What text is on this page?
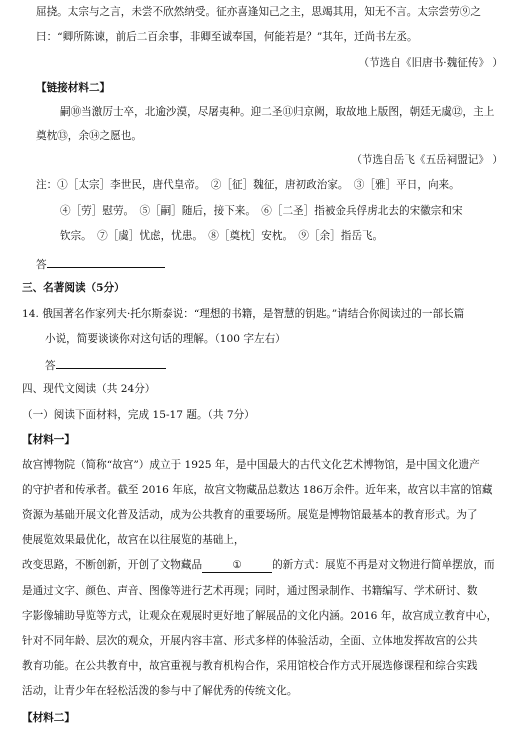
屈挠。太宗与之言，未尝不欣然纳受。征亦喜逢知己之主，思竭其用，知无不言。太宗尝劳⑨之
曰：“卿所陈谏，前后二百余事，非卿至诚奉国，何能若是？”其年，迁尚书左丞。
（节选自《旧唐书·魏征传》 ）
【链接材料二】
嗣⑩当激厉士卒，北逾沙漠，尽屠夷种。迎二圣⑪归京阙，取故地上版图，朝廷无虞⑫，主上
奠枕⑬，余⑭之愿也。
（节选自岳飞《五岳祠盟记》 ）
注：①［太宗］李世民，唐代皇帝。　②［征］魏征，唐初政治家。　③［雅］平日，向来。
④［劳］慰劳。　⑤［嗣］随后，接下来。　⑥［二圣］指被金兵俘虏北去的宋徽宗和宋
钦宗。　⑦［虞］忧虑，忧患。　⑧［奠枕］安枕。　⑨［余］指岳飞。
答
三、名著阅读（5分）
14. 俄国著名作家列夫·托尔斯泰说：“理想的书籍，是智慧的钥匙。”请结合你阅读过的一部长篇
小说，简要谈谈你对这句话的理解。（100 字左右）
答
四、现代文阅读（共 24分）
（一）阅读下面材料，完成 15-17 题。（共 7分）
【材料一】
故宫博物院（简称“故宫”）成立于 1925 年，是中国最大的古代文化艺术博物馆，是中国文化遗产
的守护者和传承者。截至 2016 年底，故宫文物藏品总数达 186万余件。近年来，故宫以丰富的馆藏
资源为基础开展文化普及活动，成为公共教育的重要场所。展览是博物馆最基本的教育形式。为了
使展览效果最优化，故宫在以往展览的基础上，
改变思路，不断创新，开创了文物藏品	①	的新方式：展览不再是对文物进行简单摆放，而
是通过文字、颜色、声音、图像等进行艺术再现；同时，通过图录制作、书籍编写、学术研讨、数
字影像辅助导览等方式，让观众在观展时更好地了解展品的文化内涵。2016 年，故宫成立教育中心，
针对不同年龄、层次的观众，开展内容丰富、形式多样的体验活动，全面、立体地发挥故宫的公共
教育功能。在公共教育中，故宫重视与教育机构合作，采用馆校合作方式开展选修课程和综合实践
活动，让青少年在轻松活泼的参与中了解优秀的传统文化。
【材料二】
